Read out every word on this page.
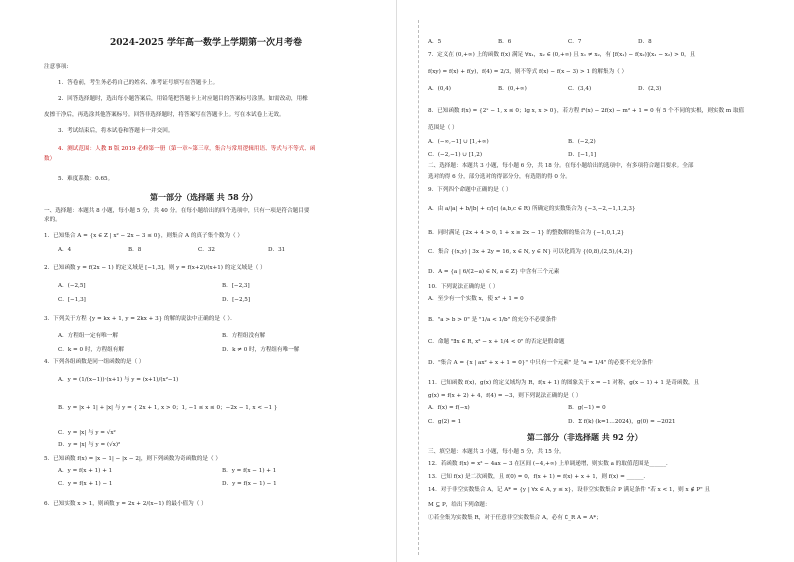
2024-2025 学年高一数学上学期第一次月考卷
注意事项:
1．答卷前，考生务必将自己的姓名、准考证号填写在答题卡上。
2．回答选择题时，选出每小题答案后，用铅笔把答题卡上对应题目的答案标号涂黑。如需改动，用橡
皮擦干净后，再选涂其他答案标号。回答非选择题时，将答案写在答题卡上。写在本试卷上无效。
3．考试结束后，将本试卷和答题卡一并交回。
4．测试范围：人教 B 版 2019 必修第一册（第一章~第三章，集合与常用逻辑用语、等式与不等式、函
数）
5．难度系数：0.65。
第一部分（选择题 共 58 分）
一、选择题：本题共 8 小题，每小题 5 分，共 40 分。在每小题给出的四个选项中，只有一项是符合题目要
求的。
1．已知集合 A = {x ∈ Z | x² − 2x − 3 ≤ 0}，则集合 A 的真子集个数为（ ）
A．4	B．8	C．32	D．31
2．已知函数 y = f(2x − 1) 的定义域是 [−1,3]，则 y = f(x+2)/(x+1) 的定义域是（ ）
A．(−2,5]	B．[−2,3]
C．[−1,3]	D．[−2,5]
3．下列关于方程 {y = kx + 1, y = 2kx + 3} 的解的说法中正确的是（ ）．
A．方程组一定有唯一解	B．方程组没有解
C．k = 0 时，方程组有解	D．k ≠ 0 时，方程组有唯一解
4．下列各组函数是同一组函数的是（ ）
A．y = (1/(x−1))·(x+1) 与 y = (x+1)/(x²−1)
B．y = |x + 1| + |x| 与 y = { 2x + 1, x > 0；1, −1 ≤ x ≤ 0；−2x − 1, x < −1 }
C．y = |x| 与 y = √x²
D．y = |x| 与 y = (√x)²
5．已知函数 f(x) = |x − 1| − |x − 2|，则下列函数为奇函数的是（ ）
A．y = f(x + 1) + 1	B．y = f(x − 1) + 1
C．y = f(x + 1) − 1	D．y = f(x − 1) − 1
6．已知实数 x > 1，则函数 y = 2x + 2/(x−1) 的最小值为（ ）
A．5	B．6	C．7	D．8
7．定义在 (0,+∞) 上的函数 f(x) 满足 ∀x₁，x₂ ∈ (0,+∞) 且 x₁ ≠ x₂，有 [f(x₁) − f(x₂)](x₁ − x₂) > 0，且
f(xy) = f(x) + f(y)，f(4) = 2/3，则不等式 f(x) − f(x − 3) > 1 的解集为（ ）
A．(0,4)	B．(0,+∞)	C．(3,4)	D．(2,3)
8．已知函数 f(x) = {2ˣ − 1, x ≤ 0；lg x, x > 0}，若方程 f²(x) − 2f(x) − m² + 1 = 0 有 5 个不同的实根，则实数 m 取值
范围是（ ）
A．(−∞,−1] ∪ [1,+∞)	B．(−2,2)
C．(−2,−1) ∪ [1,2)	D．[−1,1]
二、选择题：本题共 3 小题，每小题 6 分，共 18 分。在每小题给出的选项中，有多项符合题目要求。全部
选对的得 6 分，部分选对的得部分分，有选错的得 0 分。
9．下列四个命题中正确的是（ ）
A．由 a/|a| + b/|b| + c/|c| (a,b,c ∈ R) 所确定的实数集合为 {−3,−2,−1,1,2,3}
B．同时满足 {2x + 4 > 0, 1 + x ≥ 2x − 1} 的整数解的集合为 {−1,0,1,2}
C．集合 {(x,y) | 3x + 2y = 16, x ∈ N, y ∈ N} 可以化简为 {(0,8),(2,5),(4,2)}
D．A = {a | 6/(2−a) ∈ N, a ∈ Z} 中含有三个元素
10．下列说法正确的是（ ）
A．至少有一个实数 x，使 x² + 1 = 0
B．"a > b > 0" 是 "1/a < 1/b" 的充分不必要条件
C．命题 "∃x ∈ R, x² − x + 1/4 < 0" 的否定是假命题
D．"集合 A = {x | ax² + x + 1 = 0}" 中只有一个元素" 是 "a = 1/4" 的必要不充分条件
11．已知函数 f(x)，g(x) 的定义域均为 R，f(x + 1) 的图象关于 x = −1 对称，g(x − 1) + 1 是奇函数，且
g(x) = f(x + 2) + 4，f(4) = −3，则下列说法正确的是（ ）
A．f(x) = f(−x)	B．g(−1) = 0
C．g(2) = 1	D．Σ f(k) (k=1…2024)，g(0) = −2021
第二部分（非选择题 共 92 分）
三、填空题：本题共 3 小题，每小题 5 分，共 15 分。
12．若函数 f(x) = x² − 4ax − 3 在区间 (−4,+∞) 上单调递增，则实数 a 的取值范围是______．
13．已知 f(x) 是二次函数，且 f(0) = 0，f(x + 1) = f(x) + x + 1，则 f(x) = ______．
14．对于非空实数集合 A，记 A* = {y | ∀x ∈ A, y ≤ x}，设非空实数集合 P 满足条件 "若 x < 1，则 x ∉ P" 且
M ⊆ P，给出下列命题：
①若全集为实数集 R，对于任意非空实数集合 A，必有 ∁_R A = A*；
